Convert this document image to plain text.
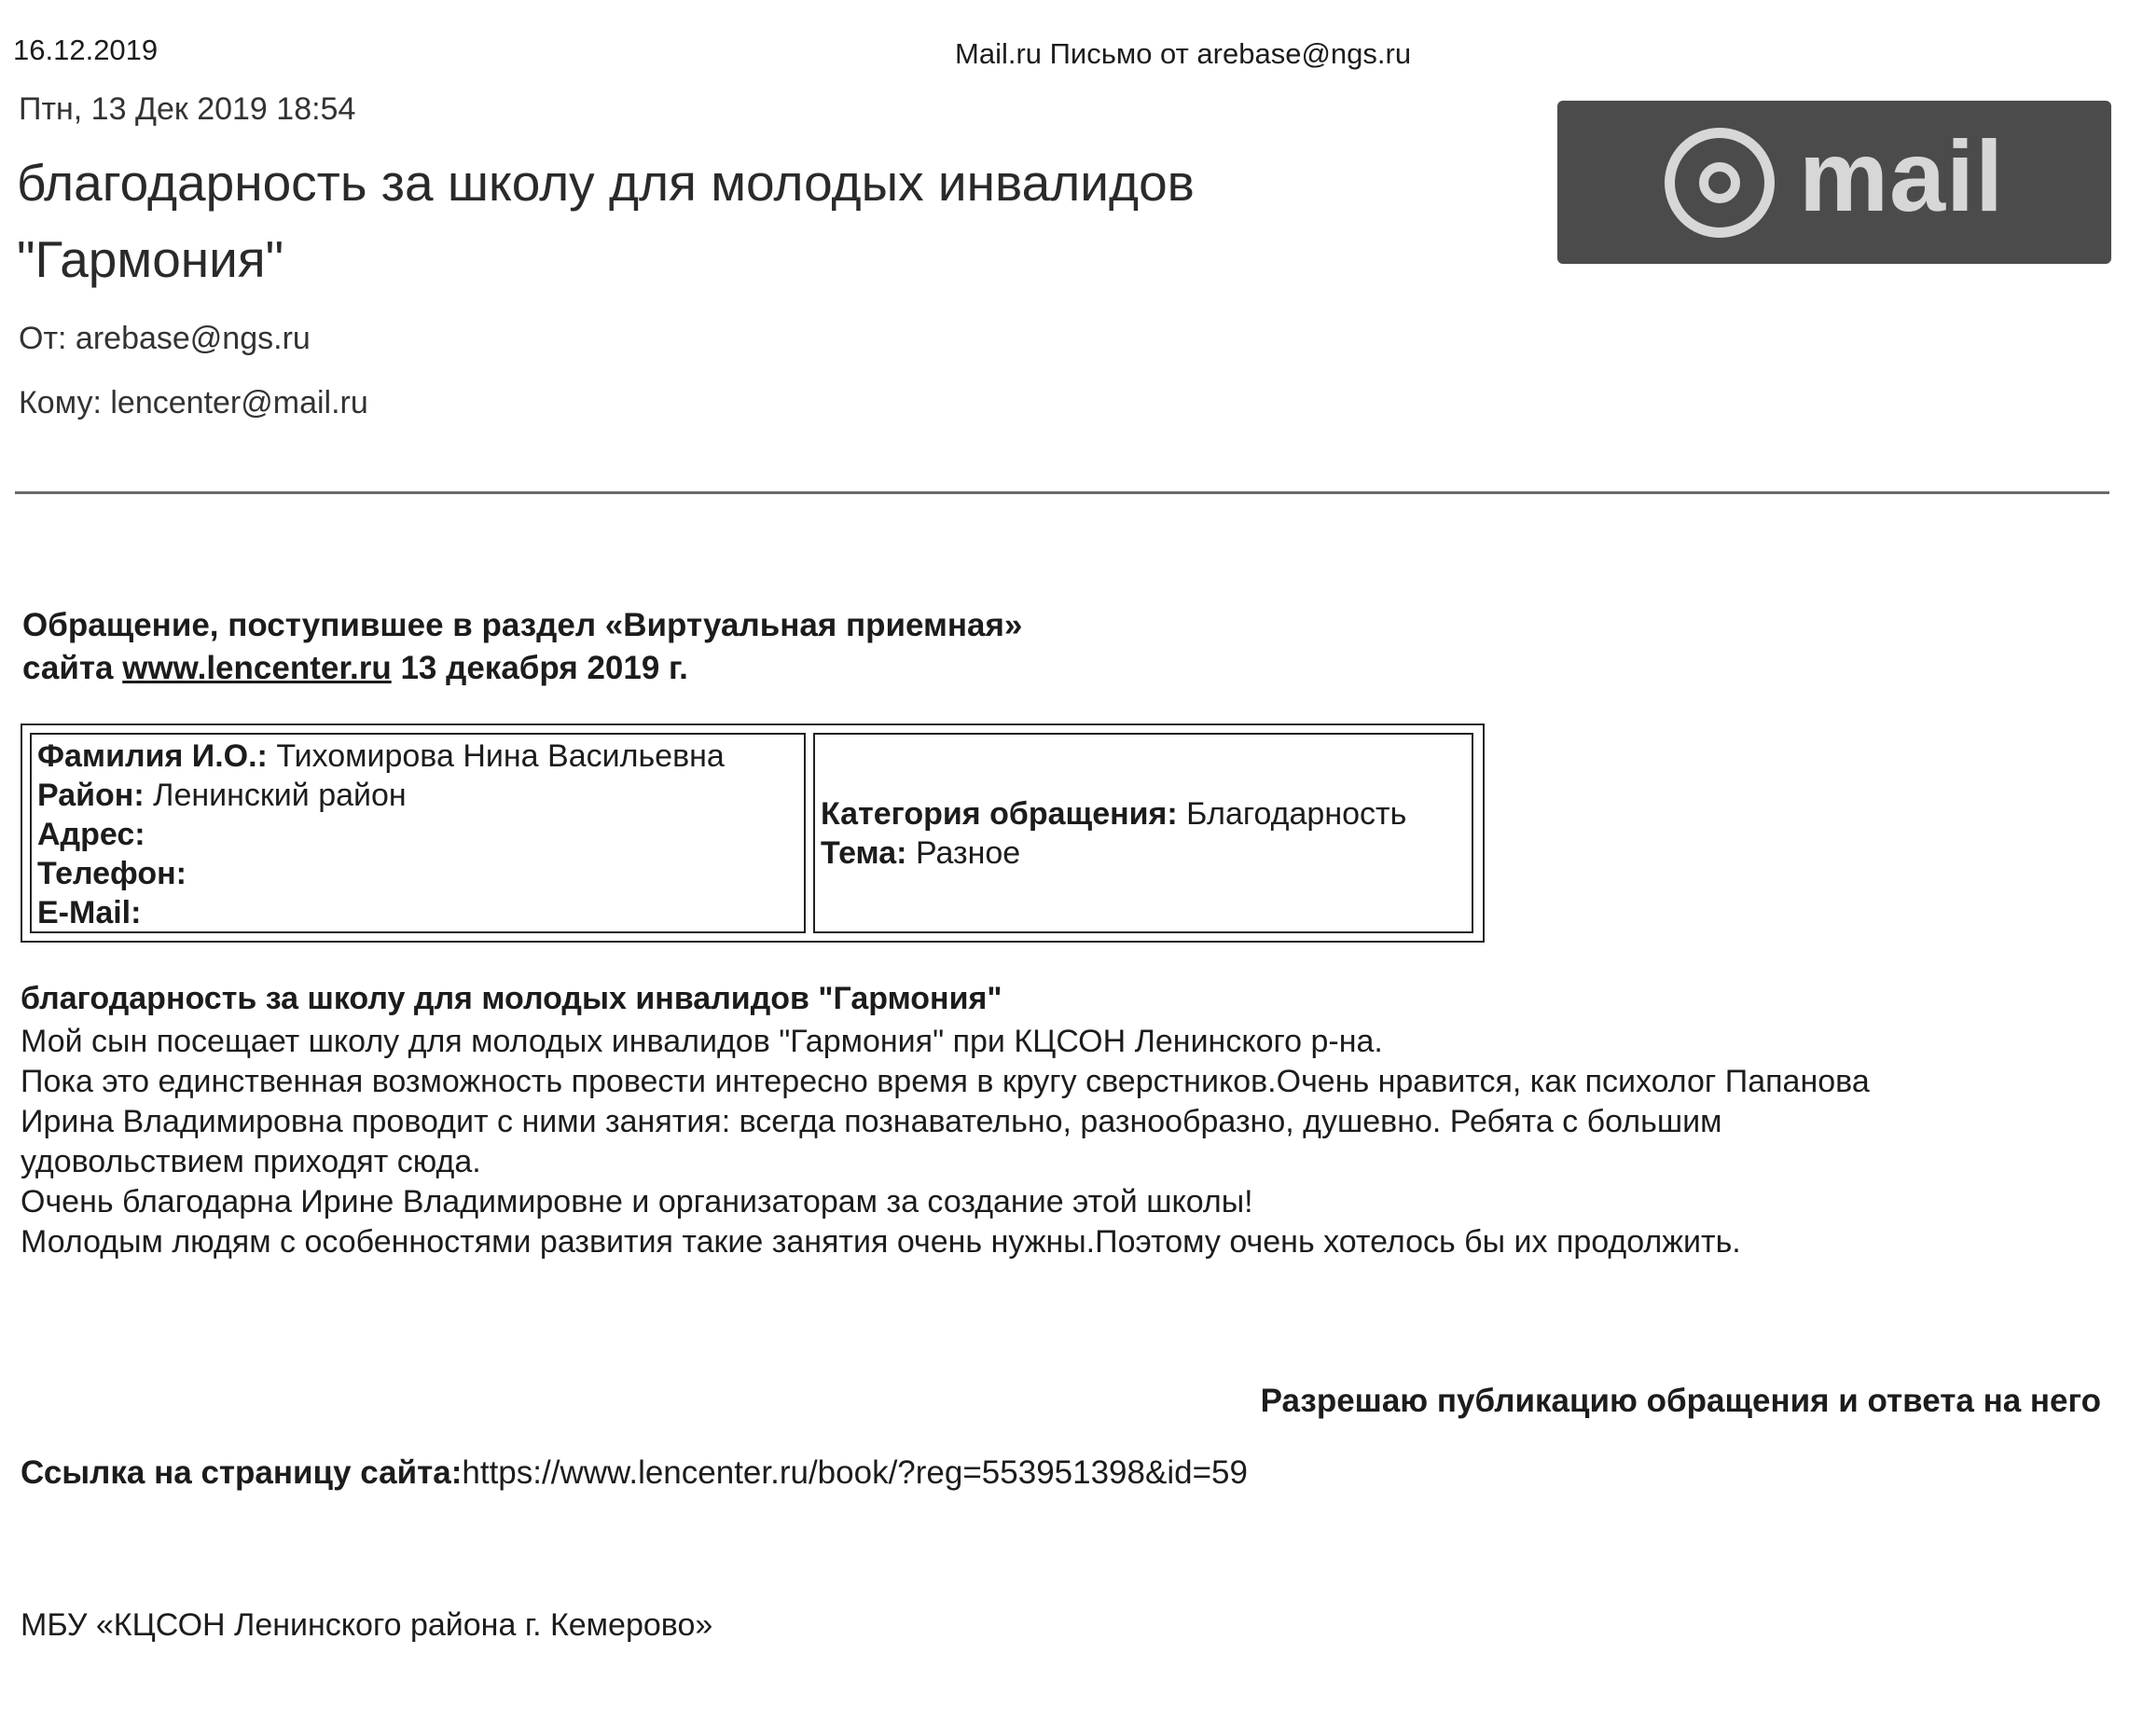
16.12.2019	Mail.ru Письмо от arebase@ngs.ru
Птн, 13 Дек 2019 18:54
благодарность за школу для молодых инвалидов
"Гармония"
mail
От: arebase@ngs.ru
Кому: lencenter@mail.ru
Обращение, поступившее в раздел «Виртуальная приемная»
сайта www.lencenter.ru 13 декабря 2019 г.
Фамилия И.О.: Тихомирова Нина Васильевна
Район: Ленинский район
Адрес:
Телефон:
E-Mail:
Категория обращения: Благодарность
Тема: Разное
благодарность за школу для молодых инвалидов "Гармония"
Мой сын посещает школу для молодых инвалидов "Гармония" при КЦСОН Ленинского р-на.
Пока это единственная возможность провести интересно время в кругу сверстников.Очень нравится, как психолог Папанова
Ирина Владимировна проводит с ними занятия: всегда познавательно, разнообразно, душевно. Ребята с большим
удовольствием приходят сюда.
Очень благодарна Ирине Владимировне и организаторам за создание этой школы!
Молодым людям с особенностями развития такие занятия очень нужны.Поэтому очень хотелось бы их продолжить.
Разрешаю публикацию обращения и ответа на него
Ссылка на страницу сайта:https://www.lencenter.ru/book/?reg=553951398&id=59
МБУ «КЦСОН Ленинского района г. Кемерово»
